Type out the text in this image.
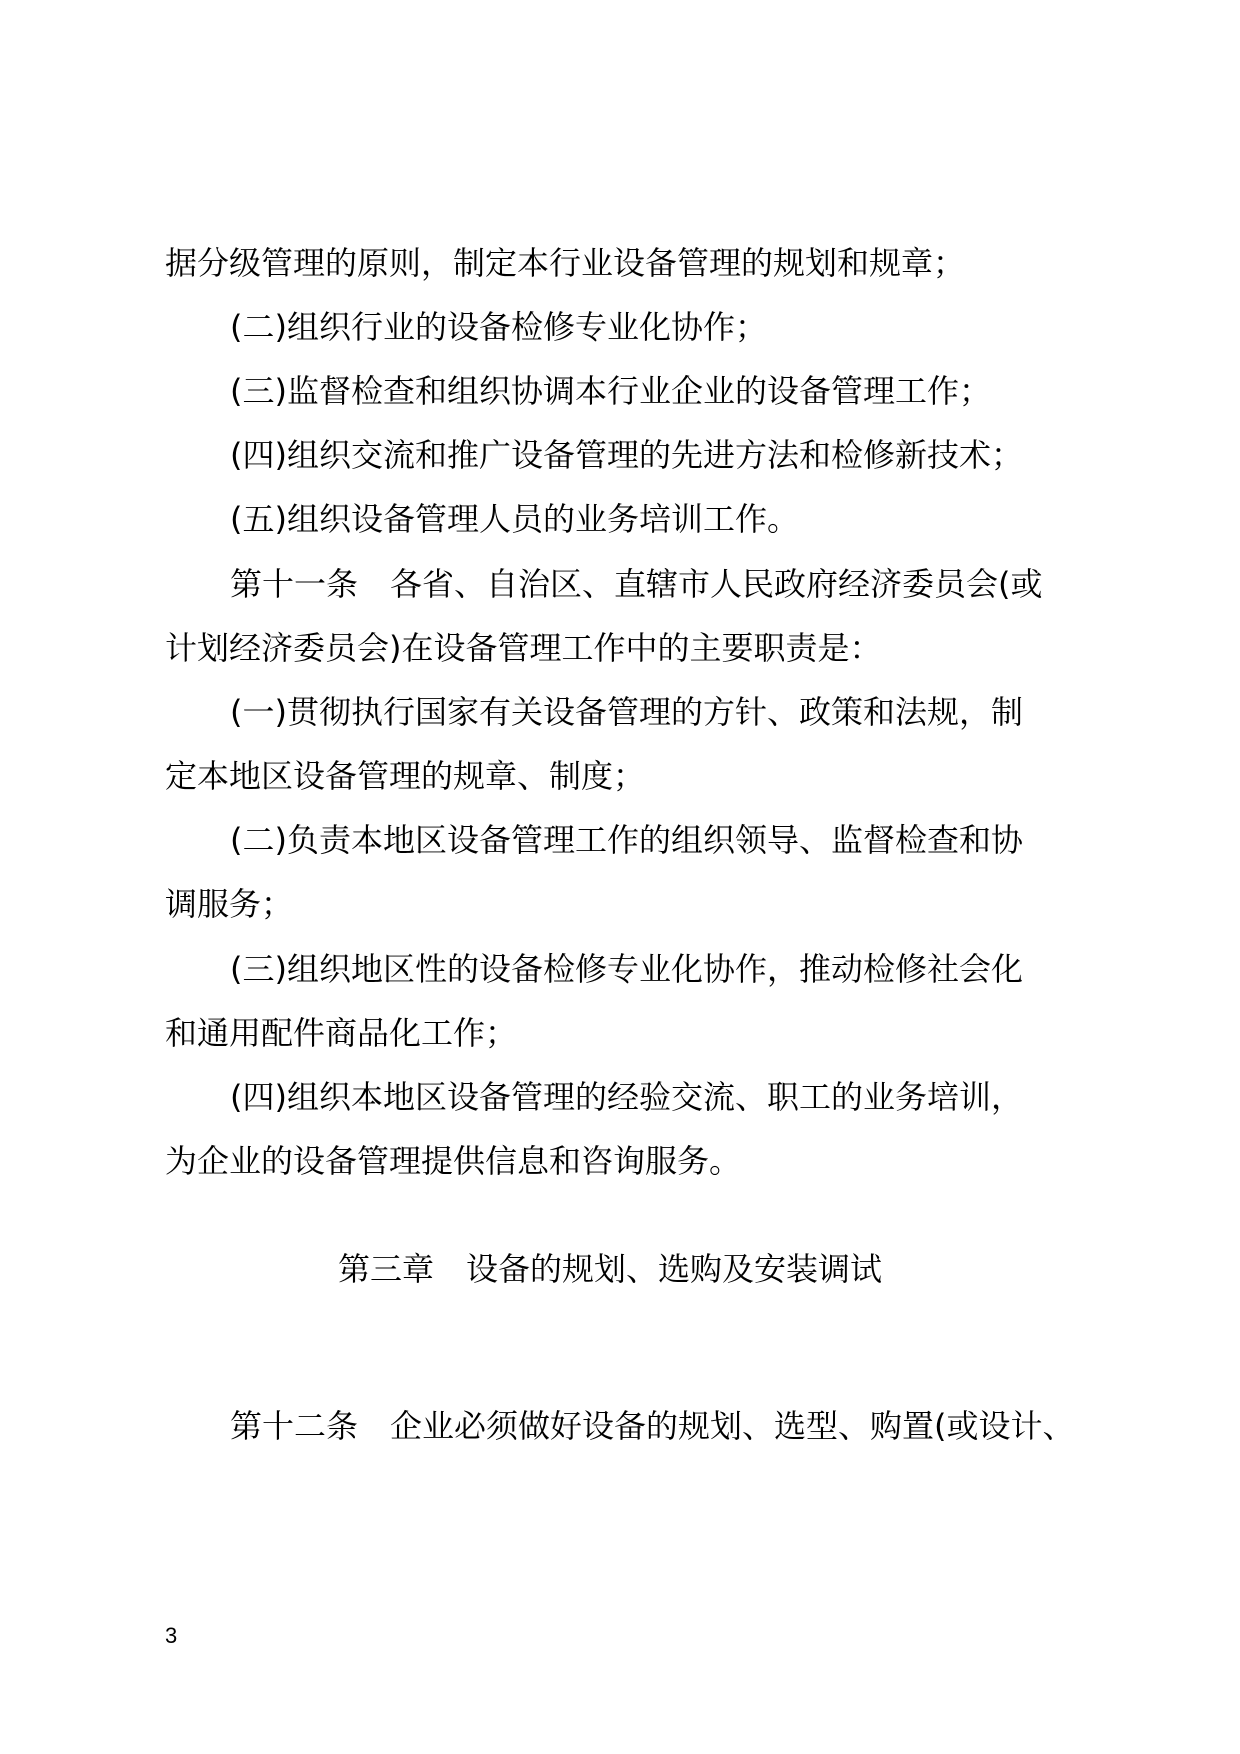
据分级管理的原则，制定本行业设备管理的规划和规章；
(二)组织行业的设备检修专业化协作；
(三)监督检查和组织协调本行业企业的设备管理工作；
(四)组织交流和推广设备管理的先进方法和检修新技术；
(五)组织设备管理人员的业务培训工作。
第十一条　各省、自治区、直辖市人民政府经济委员会(或
计划经济委员会)在设备管理工作中的主要职责是：
(一)贯彻执行国家有关设备管理的方针、政策和法规，制
定本地区设备管理的规章、制度；
(二)负责本地区设备管理工作的组织领导、监督检查和协
调服务；
(三)组织地区性的设备检修专业化协作，推动检修社会化
和通用配件商品化工作；
(四)组织本地区设备管理的经验交流、职工的业务培训，
为企业的设备管理提供信息和咨询服务。
第三章　设备的规划、选购及安装调试
第十二条　企业必须做好设备的规划、选型、购置(或设计、
3
